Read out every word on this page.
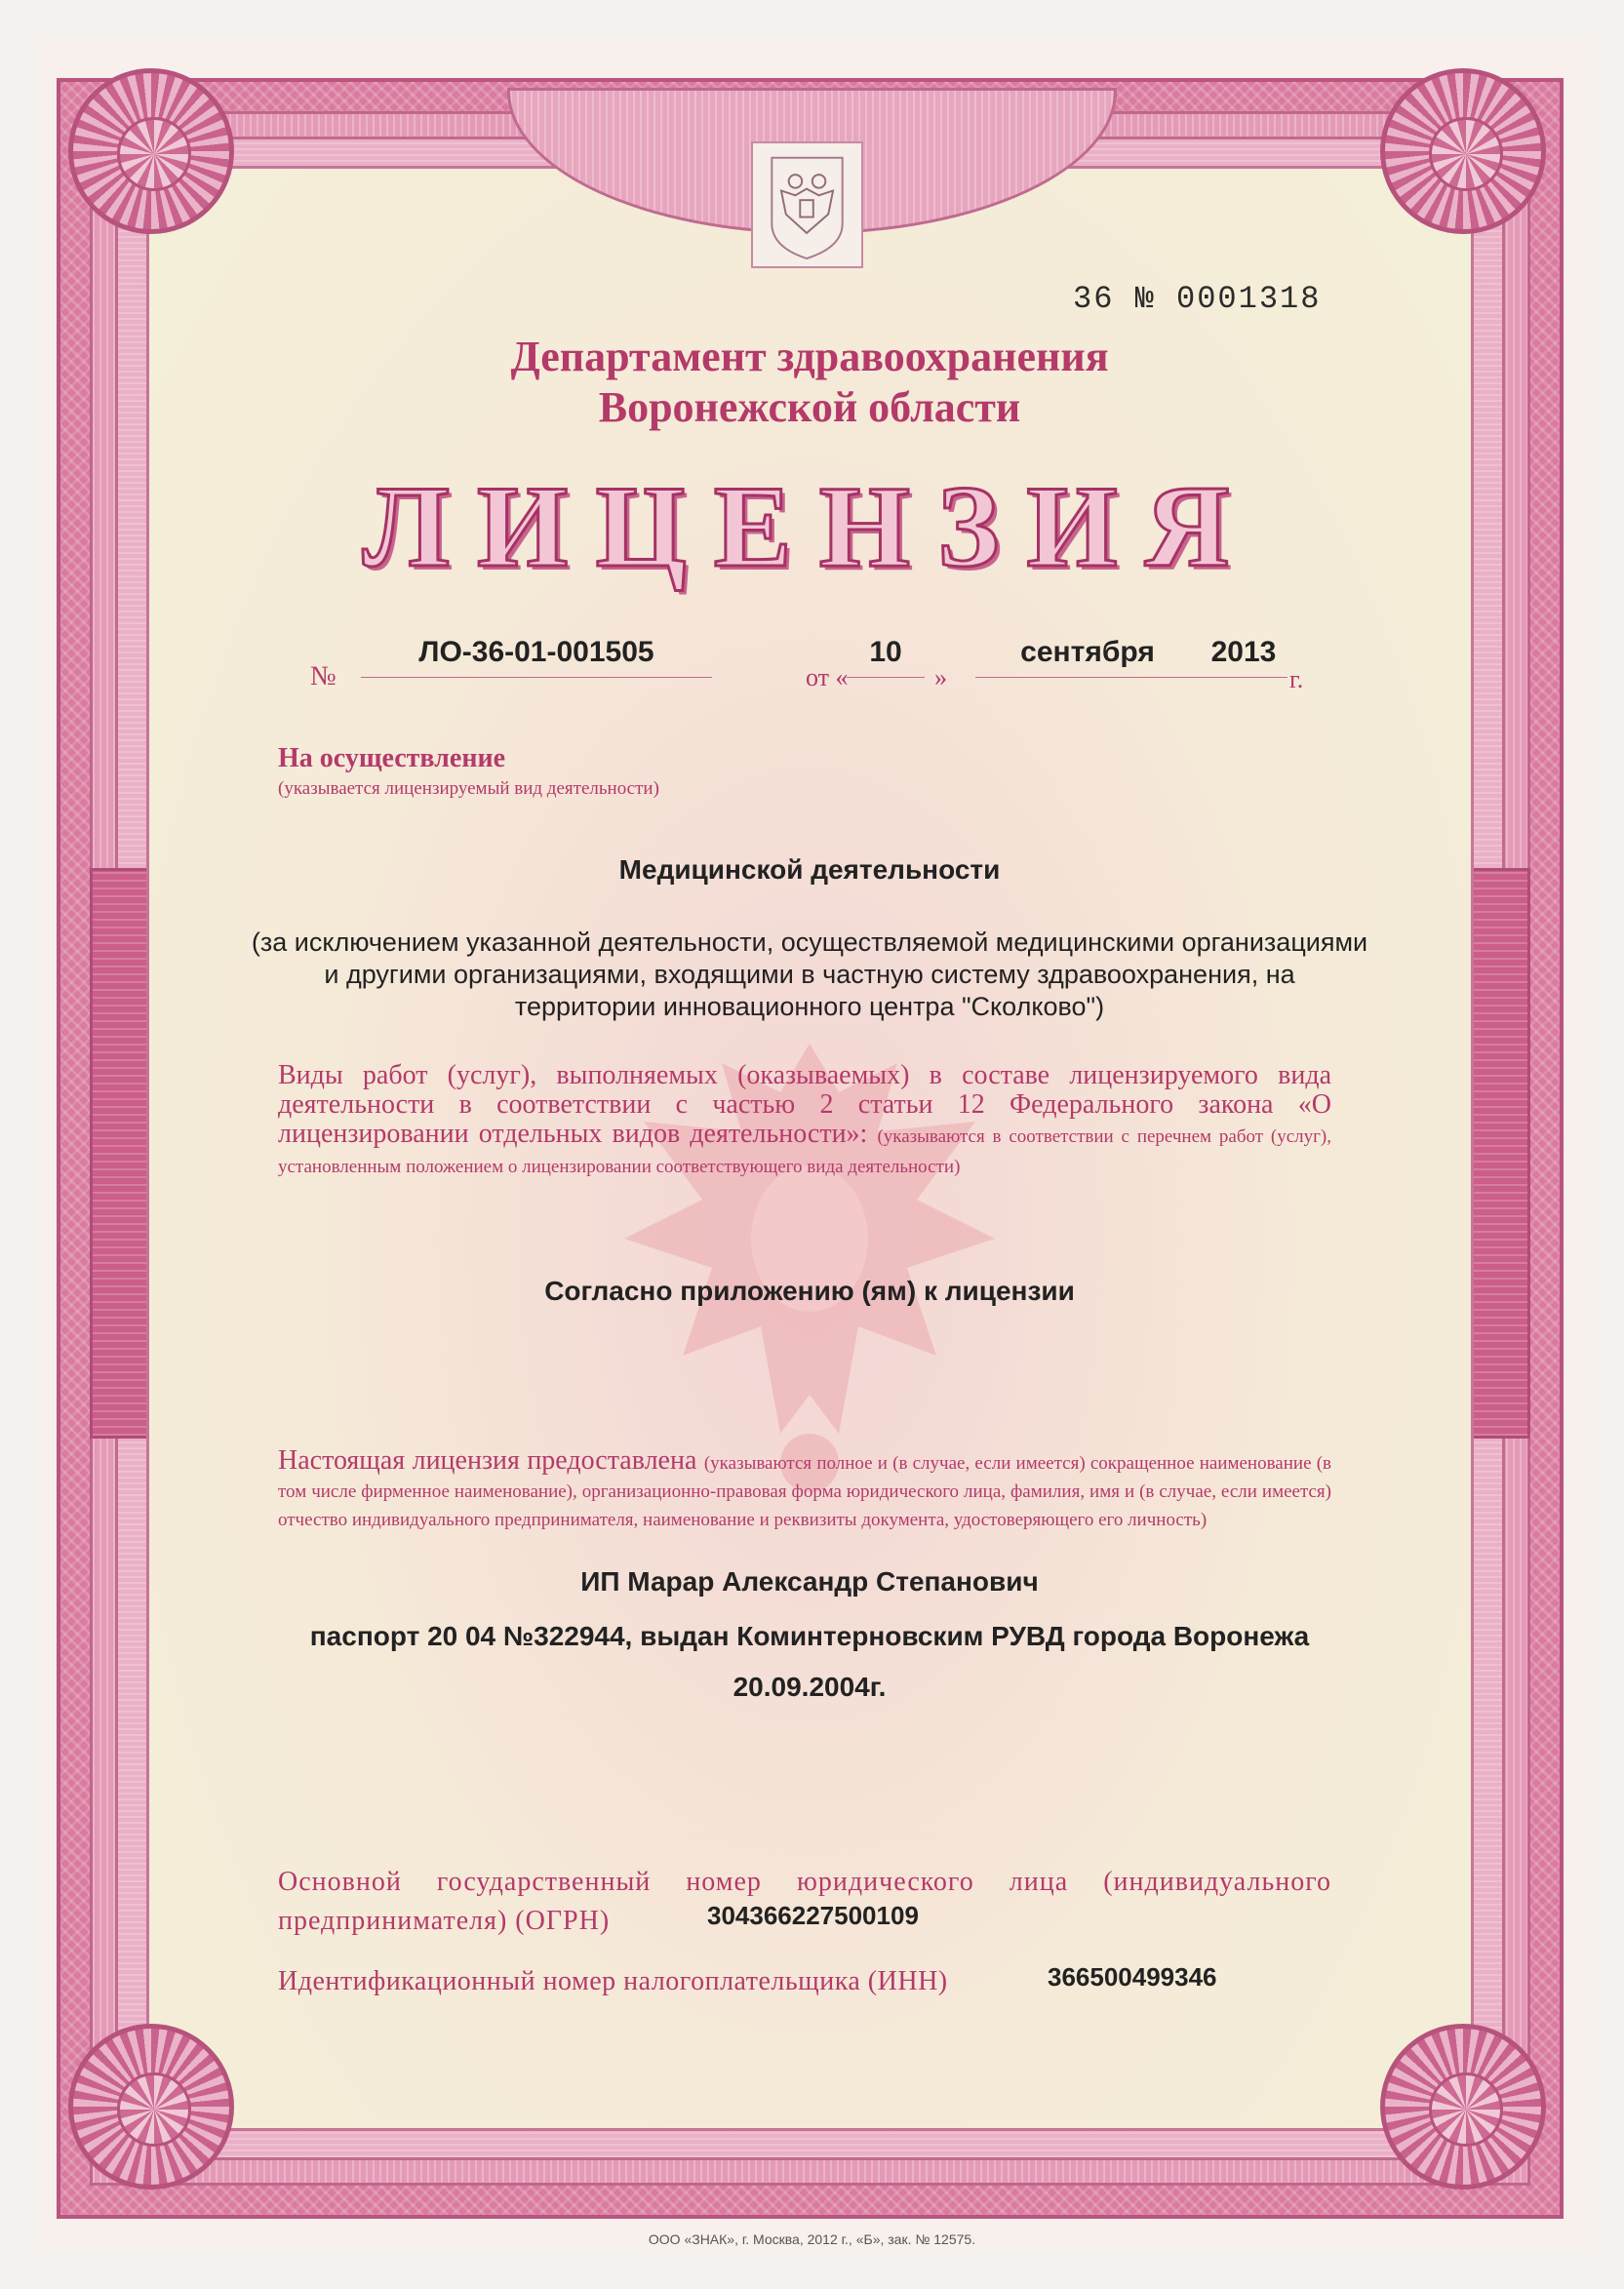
36 № 0001318
Департамент здравоохранения
Воронежской области
ЛИЦЕНЗИЯ
№
ЛО-36-01-001505
от «
10
»
сентября	2013
г.
На осуществление
(указывается лицензируемый вид деятельности)
Медицинской деятельности
(за исключением указанной деятельности, осуществляемой медицинскими организациями
и другими организациями, входящими в частную систему здравоохранения, на
территории инновационного центра "Сколково")
Виды работ (услуг), выполняемых (оказываемых) в составе лицензируемого вида деятельности в соответствии с частью 2 статьи 12 Федерального закона «О лицензировании отдельных видов деятельности»: (указываются в соответствии с перечнем работ (услуг), установленным положением о лицензировании соответствующего вида деятельности)
Согласно приложению (ям) к лицензии
Настоящая лицензия предоставлена (указываются полное и (в случае, если имеется) сокращенное наименование (в том числе фирменное наименование), организационно-правовая форма юридического лица, фамилия, имя и (в случае, если имеется) отчество индивидуального предпринимателя, наименование и реквизиты документа, удостоверяющего его личность)
ИП Марар Александр Степанович
паспорт 20 04 №322944, выдан Коминтерновским РУВД города Воронежа
20.09.2004г.
Основной государственный номер юридического лица (индивидуального предпринимателя) (ОГРН)	304366227500109
Идентификационный номер налогоплательщика (ИНН)	366500499346
ООО «ЗНАК», г. Москва, 2012 г., «Б», зак. № 12575.
